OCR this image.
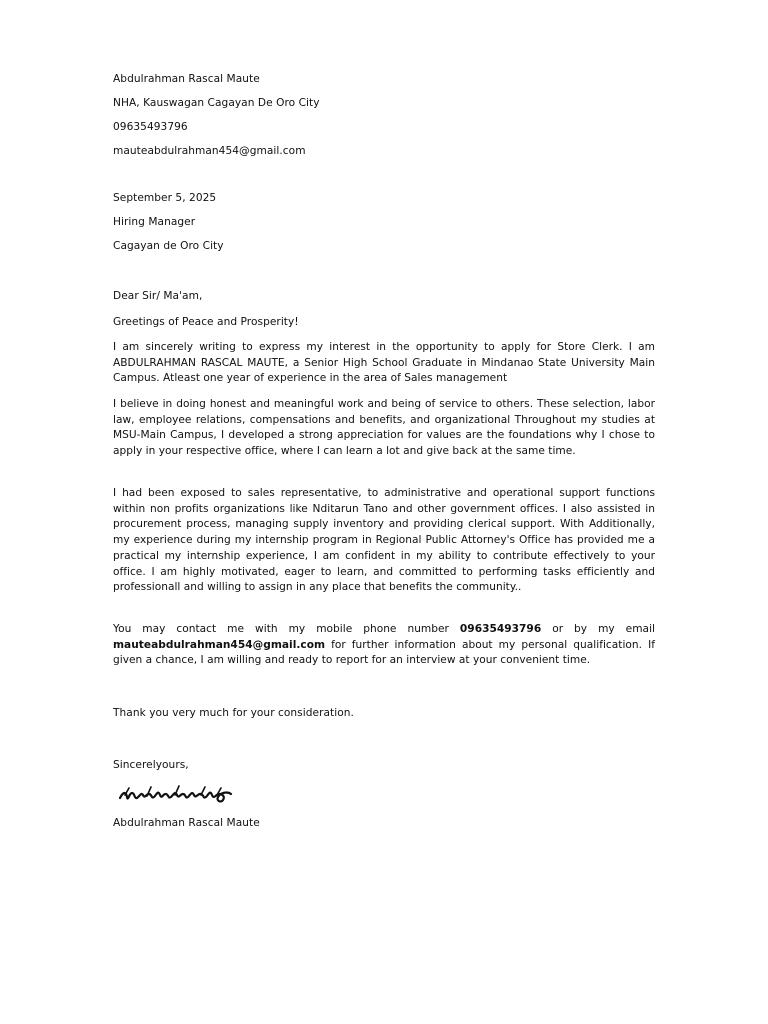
Abdulrahman Rascal Maute
NHA, Kauswagan Cagayan De Oro City
09635493796
mauteabdulrahman454@gmail.com
September 5, 2025
Hiring Manager
Cagayan de Oro City
Dear Sir/ Ma'am,
Greetings of Peace and Prosperity!

I am sincerely writing to express my interest in the opportunity to apply for Store Clerk. I am ABDULRAHMAN RASCAL MAUTE, a Senior High School Graduate in Mindanao State University Main Campus. Atleast one year of experience in the area of Sales management

I believe in doing honest and meaningful work and being of service to others. These selection, labor law, employee relations, compensations and benefits, and organizational Throughout my studies at MSU-Main Campus, I developed a strong appreciation for values are the foundations why I chose to apply in your respective office, where I can learn a lot and give back at the same time.

I had been exposed to sales representative, to administrative and operational support functions within non profits organizations like Nditarun Tano and other government offices. I also assisted in procurement process, managing supply inventory and providing clerical support. With Additionally, my experience during my internship program in Regional Public Attorney's Office has provided me a practical my internship experience, I am confident in my ability to contribute effectively to your office. I am highly motivated, eager to learn, and committed to performing tasks efficiently and professionall and willing to assign in any place that benefits the community..

You may contact me with my mobile phone number 09635493796 or by my email mauteabdulrahman454@gmail.com for further information about my personal qualification. If given a chance, I am willing and ready to report for an interview at your convenient time.

Thank you very much for your consideration.
Sincerelyours,
Abdulrahman Rascal Maute
